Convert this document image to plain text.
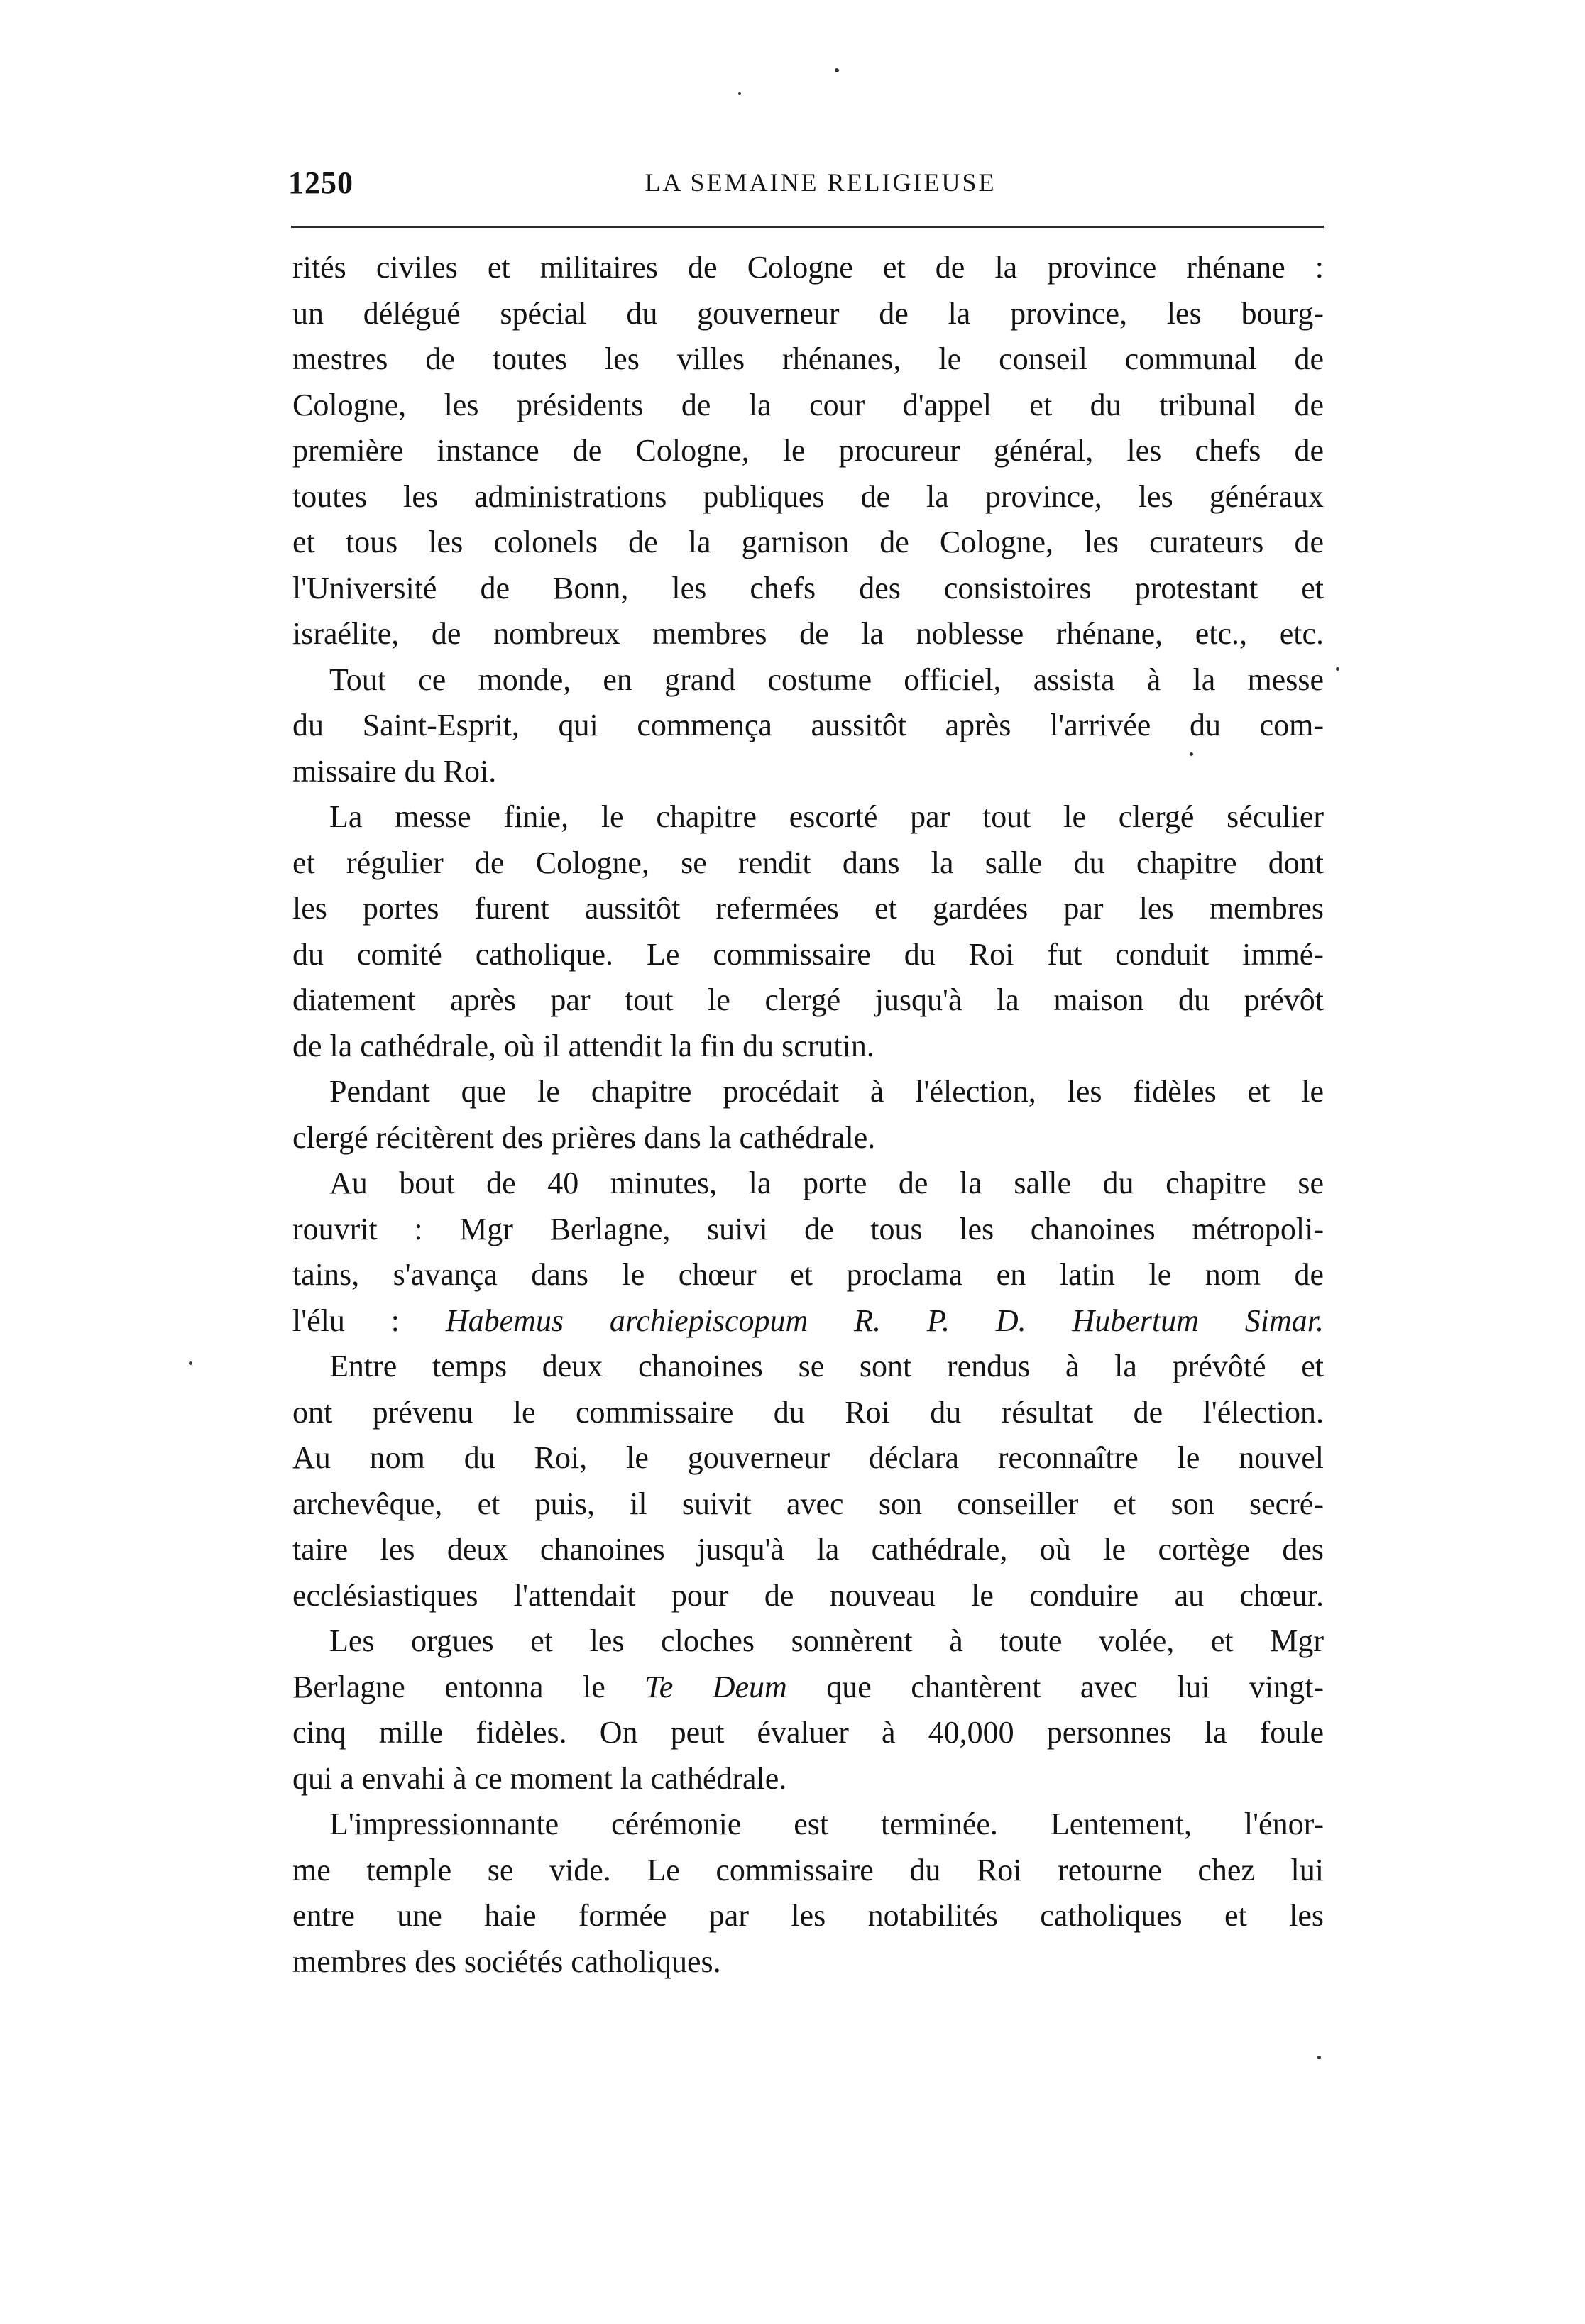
1250	LA SEMAINE RELIGIEUSE
rités civiles et militaires de Cologne et de la province rhénane :
un délégué spécial du gouverneur de la province, les bourg-
mestres de toutes les villes rhénanes, le conseil communal de
Cologne, les présidents de la cour d'appel et du tribunal de
première instance de Cologne, le procureur général, les chefs de
toutes les administrations publiques de la province, les généraux
et tous les colonels de la garnison de Cologne, les curateurs de
l'Université de Bonn, les chefs des consistoires protestant et
israélite, de nombreux membres de la noblesse rhénane, etc., etc.
Tout ce monde, en grand costume officiel, assista à la messe
du Saint-Esprit, qui commença aussitôt après l'arrivée du com-
missaire du Roi.
La messe finie, le chapitre escorté par tout le clergé séculier
et régulier de Cologne, se rendit dans la salle du chapitre dont
les portes furent aussitôt refermées et gardées par les membres
du comité catholique. Le commissaire du Roi fut conduit immé-
diatement après par tout le clergé jusqu'à la maison du prévôt
de la cathédrale, où il attendit la fin du scrutin.
Pendant que le chapitre procédait à l'élection, les fidèles et le
clergé récitèrent des prières dans la cathédrale.
Au bout de 40 minutes, la porte de la salle du chapitre se
rouvrit : Mgr Berlagne, suivi de tous les chanoines métropoli-
tains, s'avança dans le chœur et proclama en latin le nom de
l'élu : Habemus archiepiscopum R. P. D. Hubertum Simar.
Entre temps deux chanoines se sont rendus à la prévôté et
ont prévenu le commissaire du Roi du résultat de l'élection.
Au nom du Roi, le gouverneur déclara reconnaître le nouvel
archevêque, et puis, il suivit avec son conseiller et son secré-
taire les deux chanoines jusqu'à la cathédrale, où le cortège des
ecclésiastiques l'attendait pour de nouveau le conduire au chœur.
Les orgues et les cloches sonnèrent à toute volée, et Mgr
Berlagne entonna le Te Deum que chantèrent avec lui vingt-
cinq mille fidèles. On peut évaluer à 40,000 personnes la foule
qui a envahi à ce moment la cathédrale.
L'impressionnante cérémonie est terminée. Lentement, l'énor-
me temple se vide. Le commissaire du Roi retourne chez lui
entre une haie formée par les notabilités catholiques et les
membres des sociétés catholiques.
